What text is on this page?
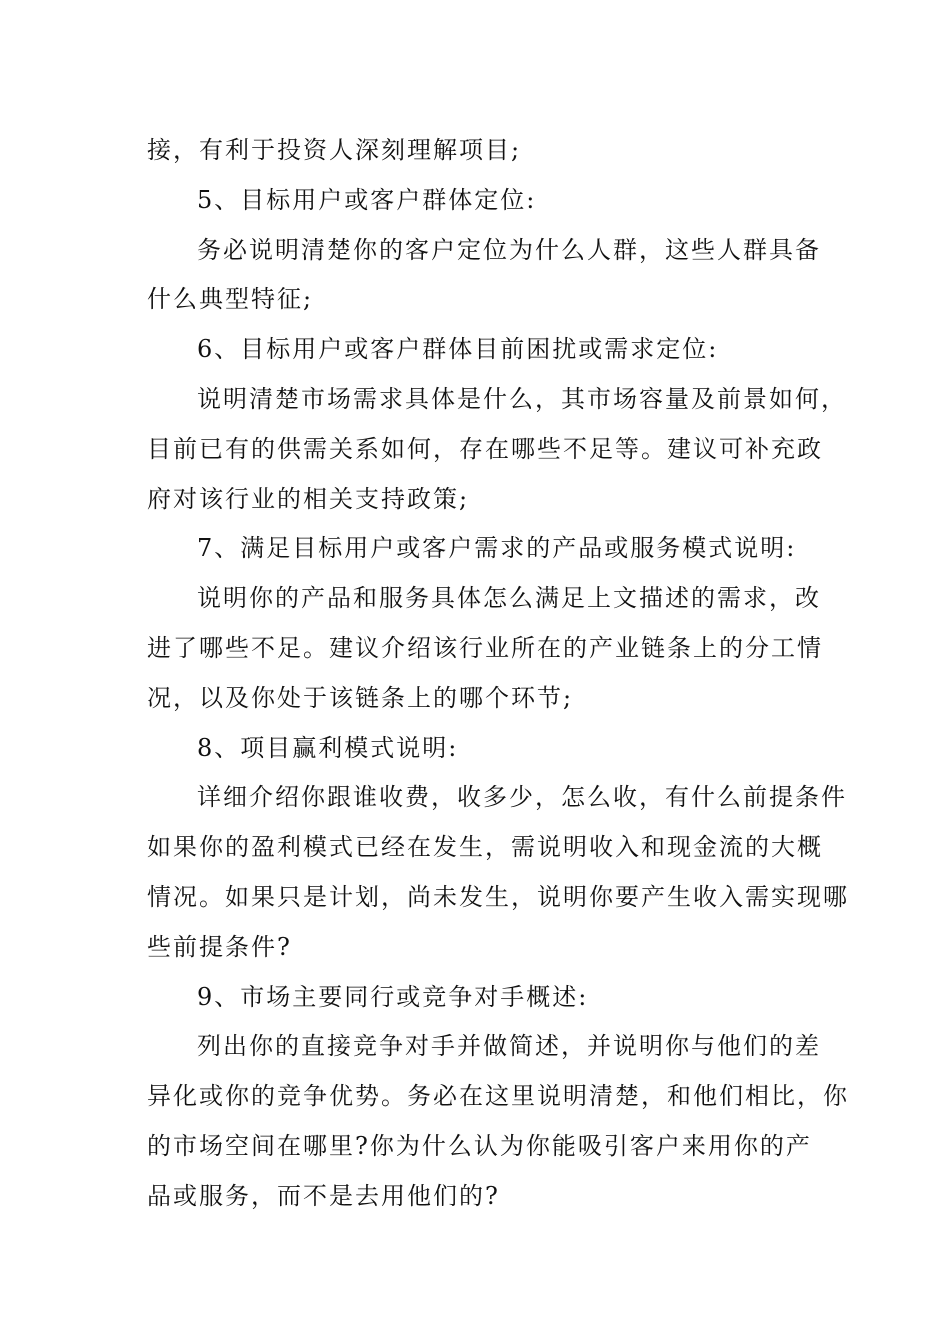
接，有利于投资人深刻理解项目;
5、目标用户或客户群体定位:
务必说明清楚你的客户定位为什么人群，这些人群具备
什么典型特征;
6、目标用户或客户群体目前困扰或需求定位:
说明清楚市场需求具体是什么，其市场容量及前景如何，
目前已有的供需关系如何，存在哪些不足等。建议可补充政
府对该行业的相关支持政策;
7、满足目标用户或客户需求的产品或服务模式说明:
说明你的产品和服务具体怎么满足上文描述的需求，改
进了哪些不足。建议介绍该行业所在的产业链条上的分工情
况，以及你处于该链条上的哪个环节;
8、项目赢利模式说明:
详细介绍你跟谁收费，收多少，怎么收，有什么前提条件
如果你的盈利模式已经在发生，需说明收入和现金流的大概
情况。如果只是计划，尚未发生，说明你要产生收入需实现哪
些前提条件?
9、市场主要同行或竞争对手概述:
列出你的直接竞争对手并做简述，并说明你与他们的差
异化或你的竞争优势。务必在这里说明清楚，和他们相比，你
的市场空间在哪里?你为什么认为你能吸引客户来用你的产
品或服务，而不是去用他们的?
